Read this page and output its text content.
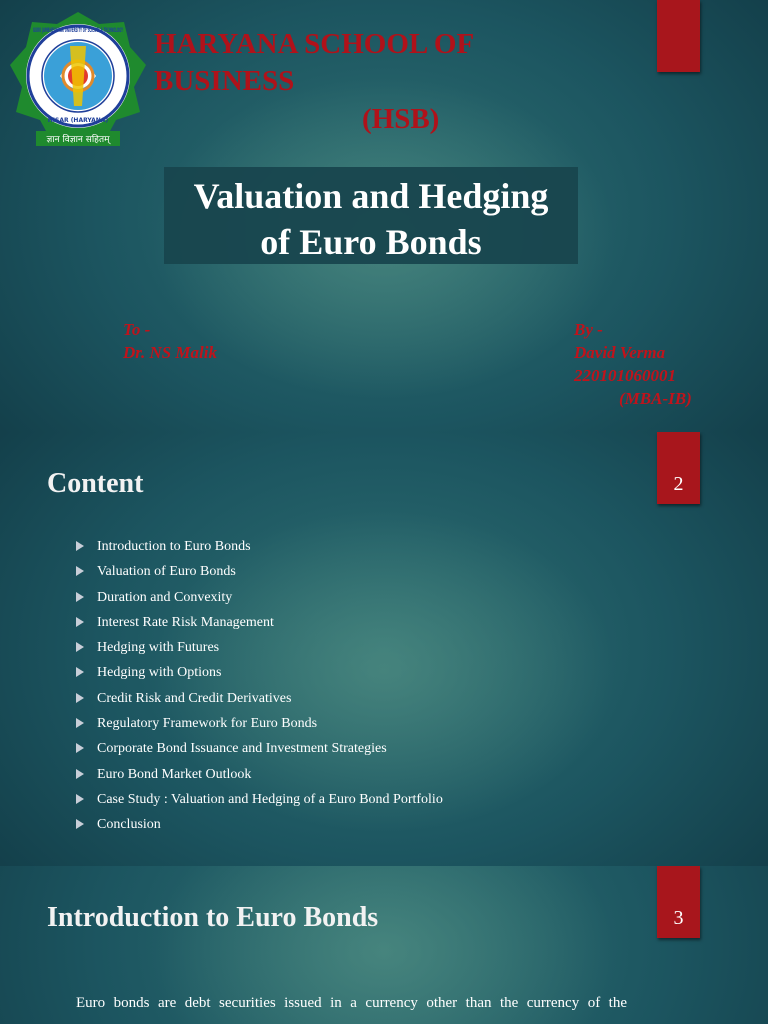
GURU JAMBHESHWAR UNIVERSITY OF SCIENCE & TECHNOLOGY
HISAR (HARYANA)
ज्ञान विज्ञान सहितम्
HARYANA SCHOOL OF BUSINESS
(HSB)
Valuation and Hedging
of Euro Bonds
To -
Dr. NS Malik
By -
David Verma
220101060001
(MBA-IB)
2
Content
Introduction to Euro Bonds
Valuation of Euro Bonds
Duration and Convexity
Interest Rate Risk Management
Hedging with Futures
Hedging with Options
Credit Risk and Credit Derivatives
Regulatory Framework for Euro Bonds
Corporate Bond Issuance and Investment Strategies
Euro Bond Market Outlook
Case Study : Valuation and Hedging of a Euro Bond Portfolio
Conclusion
3
Introduction to Euro Bonds
Euro bonds are debt securities issued in a currency other than the currency of the
